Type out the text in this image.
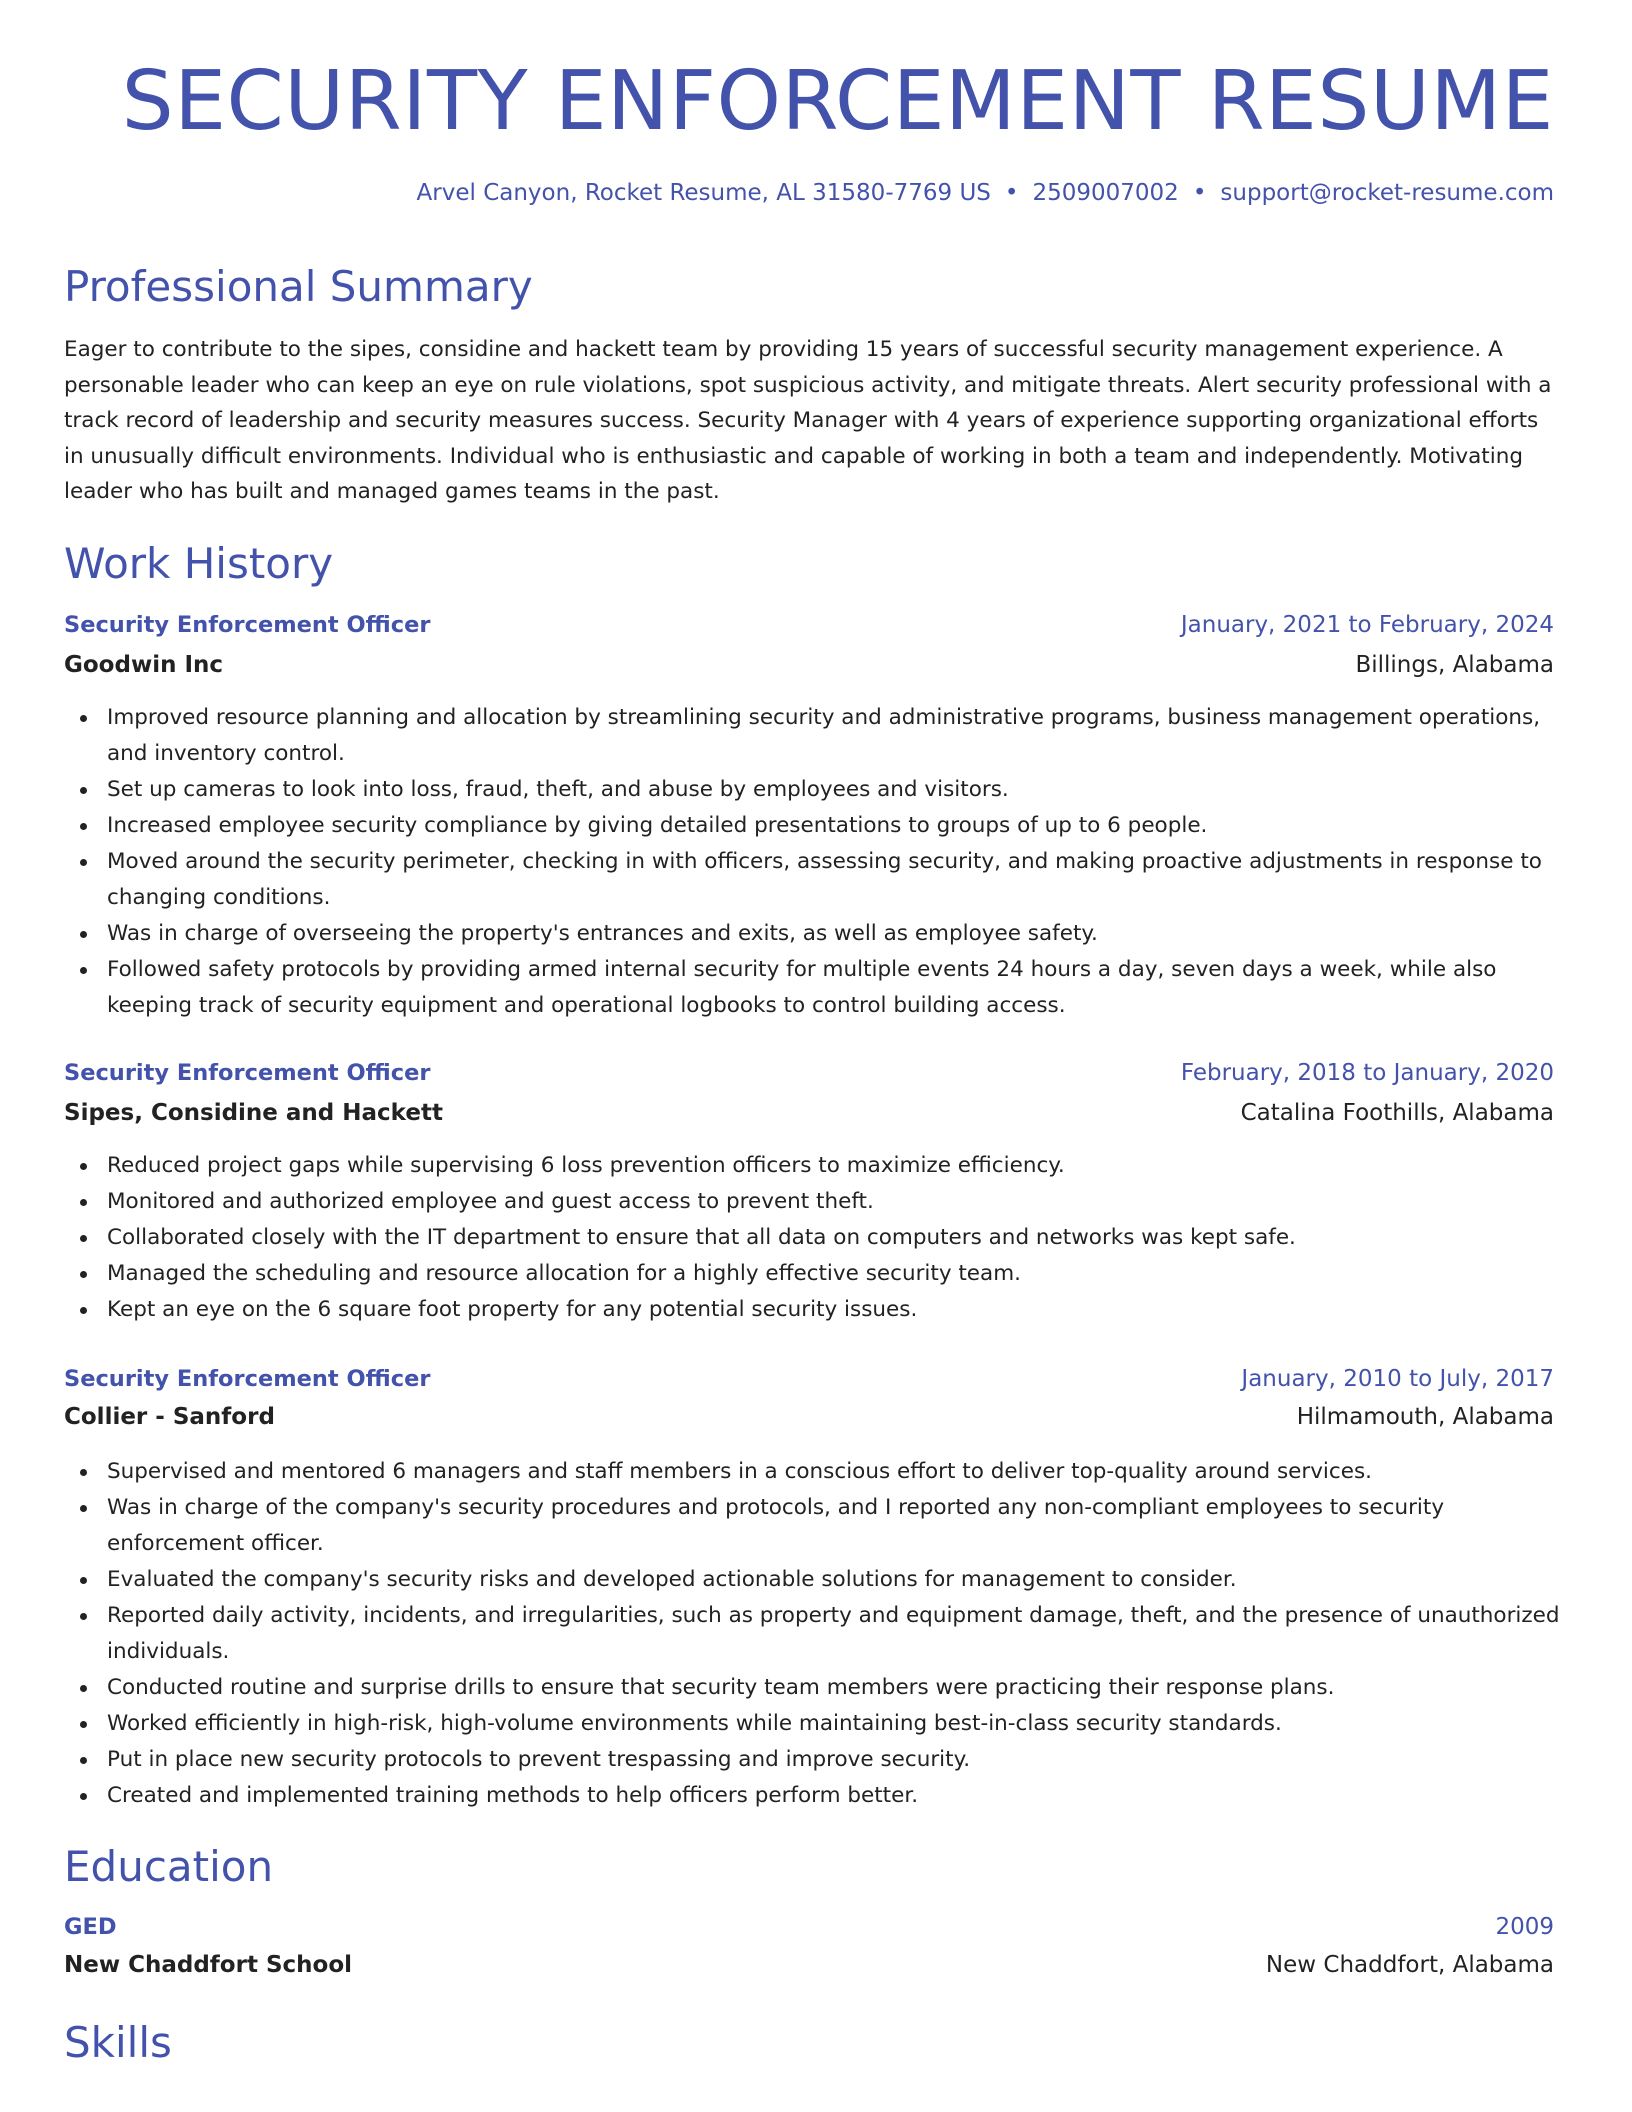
SECURITY ENFORCEMENT RESUME
Arvel Canyon, Rocket Resume, AL 31580-7769 US • 2509007002 • support@rocket-resume.com
Professional Summary

Eager to contribute to the sipes, considine and hackett team by providing 15 years of successful security management experience. A personable leader who can keep an eye on rule violations, spot suspicious activity, and mitigate threats. Alert security professional with a track record of leadership and security measures success. Security Manager with 4 years of experience supporting organizational efforts in unusually difficult environments. Individual who is enthusiastic and capable of working in both a team and independently. Motivating leader who has built and managed games teams in the past.

Work History
Security Enforcement Officer	January, 2021 to February, 2024
Goodwin Inc	Billings, Alabama
Improved resource planning and allocation by streamlining security and administrative programs, business management operations, and inventory control.
Set up cameras to look into loss, fraud, theft, and abuse by employees and visitors.
Increased employee security compliance by giving detailed presentations to groups of up to 6 people.
Moved around the security perimeter, checking in with officers, assessing security, and making proactive adjustments in response to changing conditions.
Was in charge of overseeing the property's entrances and exits, as well as employee safety.
Followed safety protocols by providing armed internal security for multiple events 24 hours a day, seven days a week, while also keeping track of security equipment and operational logbooks to control building access.
Security Enforcement Officer	February, 2018 to January, 2020
Sipes, Considine and Hackett	Catalina Foothills, Alabama
Reduced project gaps while supervising 6 loss prevention officers to maximize efficiency.
Monitored and authorized employee and guest access to prevent theft.
Collaborated closely with the IT department to ensure that all data on computers and networks was kept safe.
Managed the scheduling and resource allocation for a highly effective security team.
Kept an eye on the 6 square foot property for any potential security issues.
Security Enforcement Officer	January, 2010 to July, 2017
Collier - Sanford	Hilmamouth, Alabama
Supervised and mentored 6 managers and staff members in a conscious effort to deliver top-quality around services.
Was in charge of the company's security procedures and protocols, and I reported any non-compliant employees to security enforcement officer.
Evaluated the company's security risks and developed actionable solutions for management to consider.
Reported daily activity, incidents, and irregularities, such as property and equipment damage, theft, and the presence of unauthorized individuals.
Conducted routine and surprise drills to ensure that security team members were practicing their response plans.
Worked efficiently in high-risk, high-volume environments while maintaining best-in-class security standards.
Put in place new security protocols to prevent trespassing and improve security.
Created and implemented training methods to help officers perform better.
Education
GED	2009
New Chaddfort School	New Chaddfort, Alabama
Skills
